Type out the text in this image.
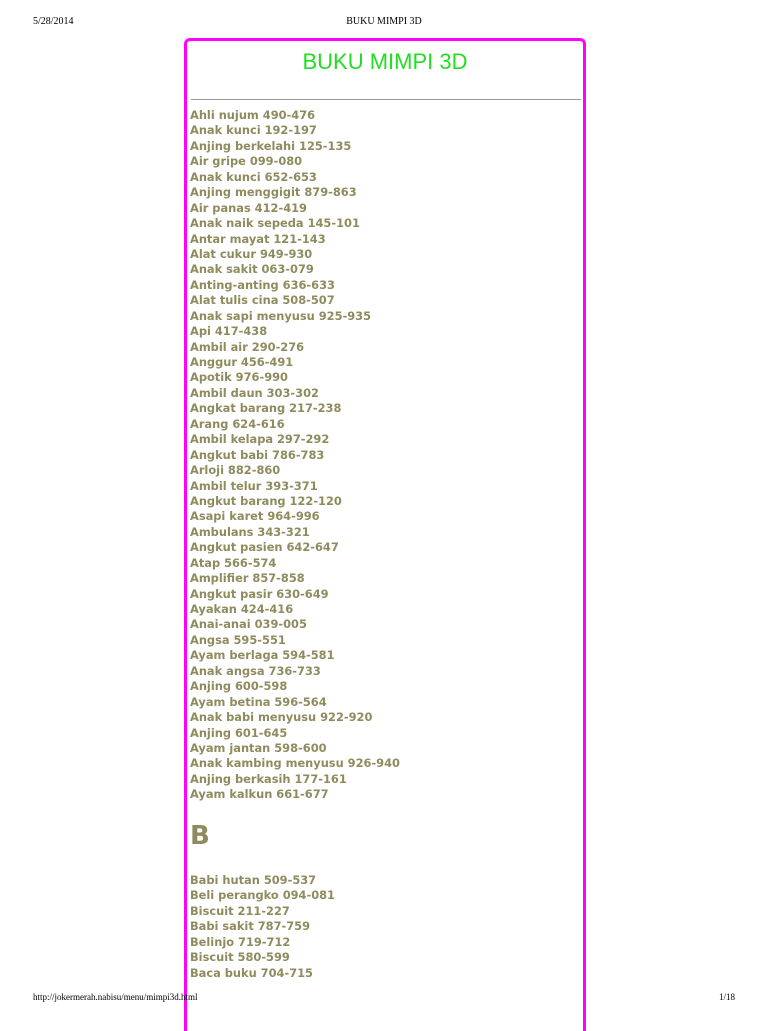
5/28/2014	BUKU MIMPI 3D
BUKU MIMPI 3D
Ahli nujum 490-476
Anak kunci 192-197
Anjing berkelahi 125-135
Air gripe 099-080
Anak kunci 652-653
Anjing menggigit 879-863
Air panas 412-419
Anak naik sepeda 145-101
Antar mayat 121-143
Alat cukur 949-930
Anak sakit 063-079
Anting-anting 636-633
Alat tulis cina 508-507
Anak sapi menyusu 925-935
Api 417-438
Ambil air 290-276
Anggur 456-491
Apotik 976-990
Ambil daun 303-302
Angkat barang 217-238
Arang 624-616
Ambil kelapa 297-292
Angkut babi 786-783
Arloji 882-860
Ambil telur 393-371
Angkut barang 122-120
Asapi karet 964-996
Ambulans 343-321
Angkut pasien 642-647
Atap 566-574
Amplifier 857-858
Angkut pasir 630-649
Ayakan 424-416
Anai-anai 039-005
Angsa 595-551
Ayam berlaga 594-581
Anak angsa 736-733
Anjing 600-598
Ayam betina 596-564
Anak babi menyusu 922-920
Anjing 601-645
Ayam jantan 598-600
Anak kambing menyusu 926-940
Anjing berkasih 177-161
Ayam kalkun 661-677
B
Babi hutan 509-537
Beli perangko 094-081
Biscuit 211-227
Babi sakit 787-759
Belinjo 719-712
Biscuit 580-599
Baca buku 704-715
http://jokermerah.nabisu/menu/mimpi3d.html	1/18
